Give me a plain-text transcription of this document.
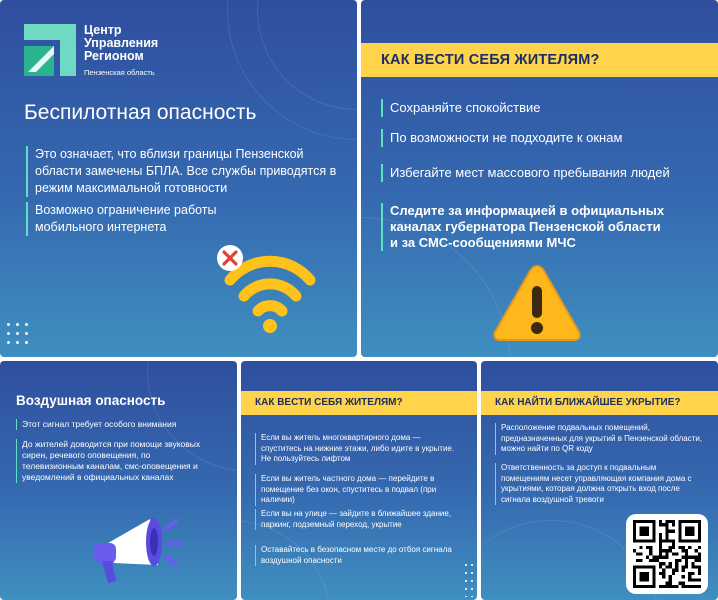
Центр
Управления
Регионом
Пензенская область
Беспилотная опасность
Это означает, что вблизи границы Пензенской области замечены БПЛА. Все службы приводятся в режим максимальной готовности
Возможно ограничение работы мобильного интернета
КАК ВЕСТИ СЕБЯ ЖИТЕЛЯМ?
Сохраняйте спокойствие
По возможности не подходите к окнам
Избегайте мест массового пребывания людей
Следите за информацией в официальных каналах губернатора Пензенской области и за СМС-сообщениями МЧС
Воздушная опасность
Этот сигнал требует особого внимания
До жителей доводится при помощи звуковых сирен, речевого оповещения, по телевизионным каналам, смс-оповещения и уведомлений в официальных каналах
КАК ВЕСТИ СЕБЯ ЖИТЕЛЯМ?
Если вы житель многоквартирного дома — спуститесь на нижние этажи, либо идите в укрытие. Не пользуйтесь лифтом
Если вы житель частного дома — перейдите в помещение без окон, спуститесь в подвал (при наличии)
Если вы на улице — зайдите в ближайшее здание, паркинг, подземный переход, укрытие
Оставайтесь в безопасном месте до отбоя сигнала воздушной опасности
КАК НАЙТИ БЛИЖАЙШЕЕ УКРЫТИЕ?
Расположение подвальных помещений, предназначенных для укрытий в Пензенской области, можно найти по QR коду
Ответственность за доступ к подвальным помещениям несет управляющая компания дома с укрытиями, которая должна открыть вход после сигнала воздушной тревоги
